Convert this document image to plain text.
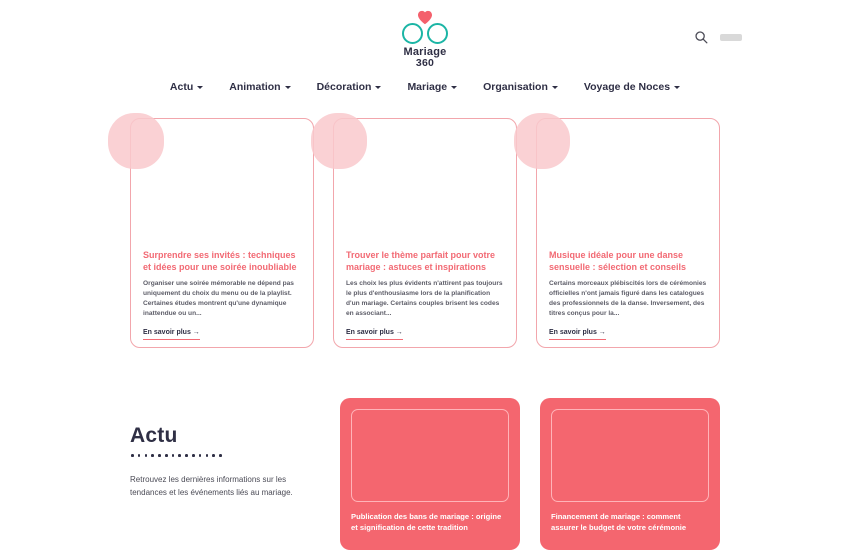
Mariage
360
Actu	Animation	Décoration	Mariage	Organisation	Voyage de Noces
Surprendre ses invités : techniques et idées pour une soirée inoubliable
Organiser une soirée mémorable ne dépend pas uniquement du choix du menu ou de la playlist. Certaines études montrent qu'une dynamique inattendue ou un...
En savoir plus →
Trouver le thème parfait pour votre mariage : astuces et inspirations
Les choix les plus évidents n'attirent pas toujours le plus d'enthousiasme lors de la planification d'un mariage. Certains couples brisent les codes en associant...
En savoir plus →
Musique idéale pour une danse sensuelle : sélection et conseils
Certains morceaux plébiscités lors de cérémonies officielles n'ont jamais figuré dans les catalogues des professionnels de la danse. Inversement, des titres conçus pour la...
En savoir plus →
Actu

Retrouvez les dernières informations sur les tendances et les événements liés au mariage.

Publication des bans de mariage : origine et signification de cette tradition
Financement de mariage : comment assurer le budget de votre cérémonie
